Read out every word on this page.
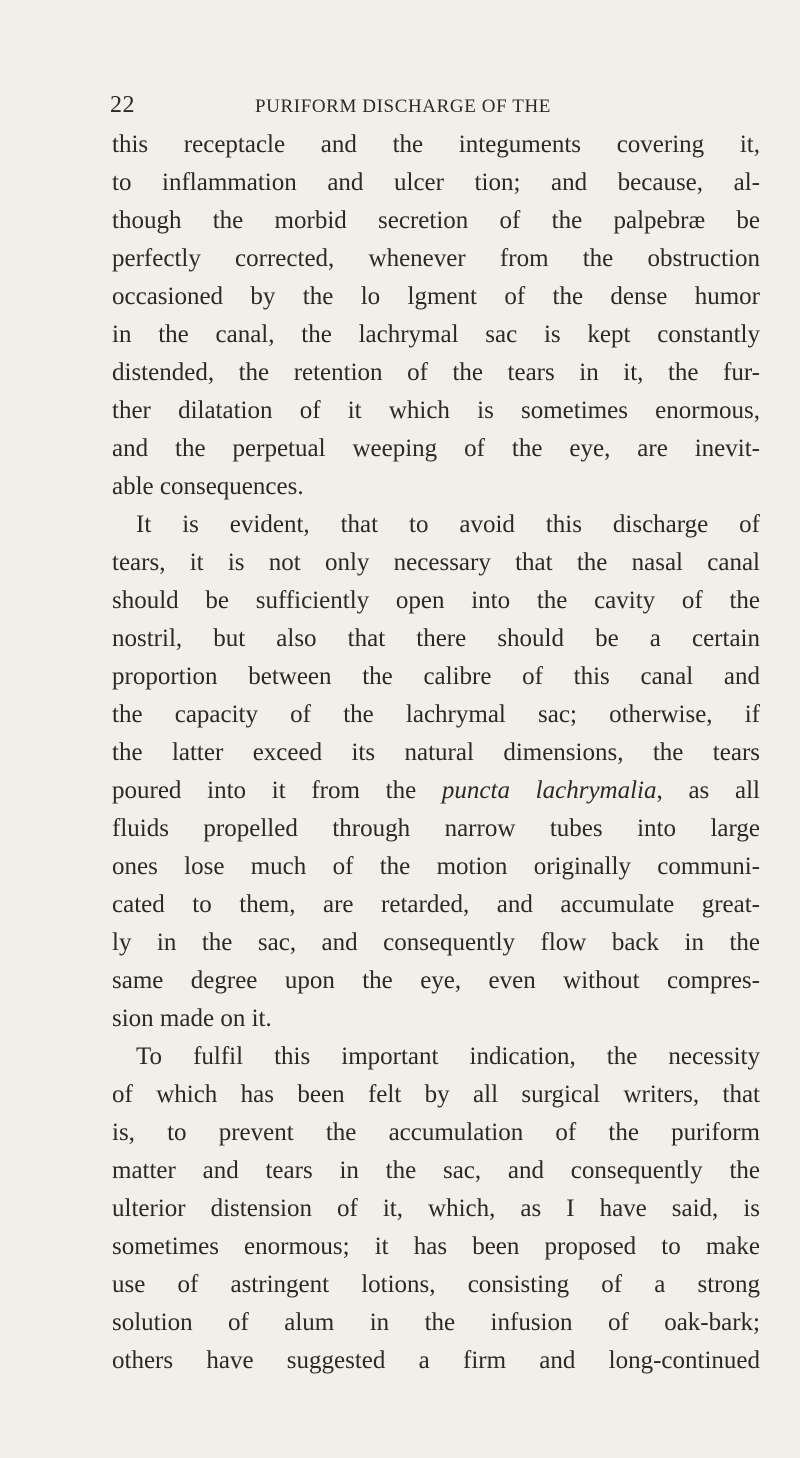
22	PURIFORM DISCHARGE OF THE
this receptacle and the integuments covering it,
to inflammation and ulcer tion; and because, al-
though the morbid secretion of the palpebræ be
perfectly corrected, whenever from the obstruction
occasioned by the lo lgment of the dense humor
in the canal, the lachrymal sac is kept constantly
distended, the retention of the tears in it, the fur-
ther dilatation of it which is sometimes enormous,
and the perpetual weeping of the eye, are inevit-
able consequences.
It is evident, that to avoid this discharge of
tears, it is not only necessary that the nasal canal
should be sufficiently open into the cavity of the
nostril, but also that there should be a certain
proportion between the calibre of this canal and
the capacity of the lachrymal sac; otherwise, if
the latter exceed its natural dimensions, the tears
poured into it from the puncta lachrymalia, as all
fluids propelled through narrow tubes into large
ones lose much of the motion originally communi-
cated to them, are retarded, and accumulate great-
ly in the sac, and consequently flow back in the
same degree upon the eye, even without compres-
sion made on it.
To fulfil this important indication, the necessity
of which has been felt by all surgical writers, that
is, to prevent the accumulation of the puriform
matter and tears in the sac, and consequently the
ulterior distension of it, which, as I have said, is
sometimes enormous; it has been proposed to make
use of astringent lotions, consisting of a strong
solution of alum in the infusion of oak-bark;
others have suggested a firm and long-continued
